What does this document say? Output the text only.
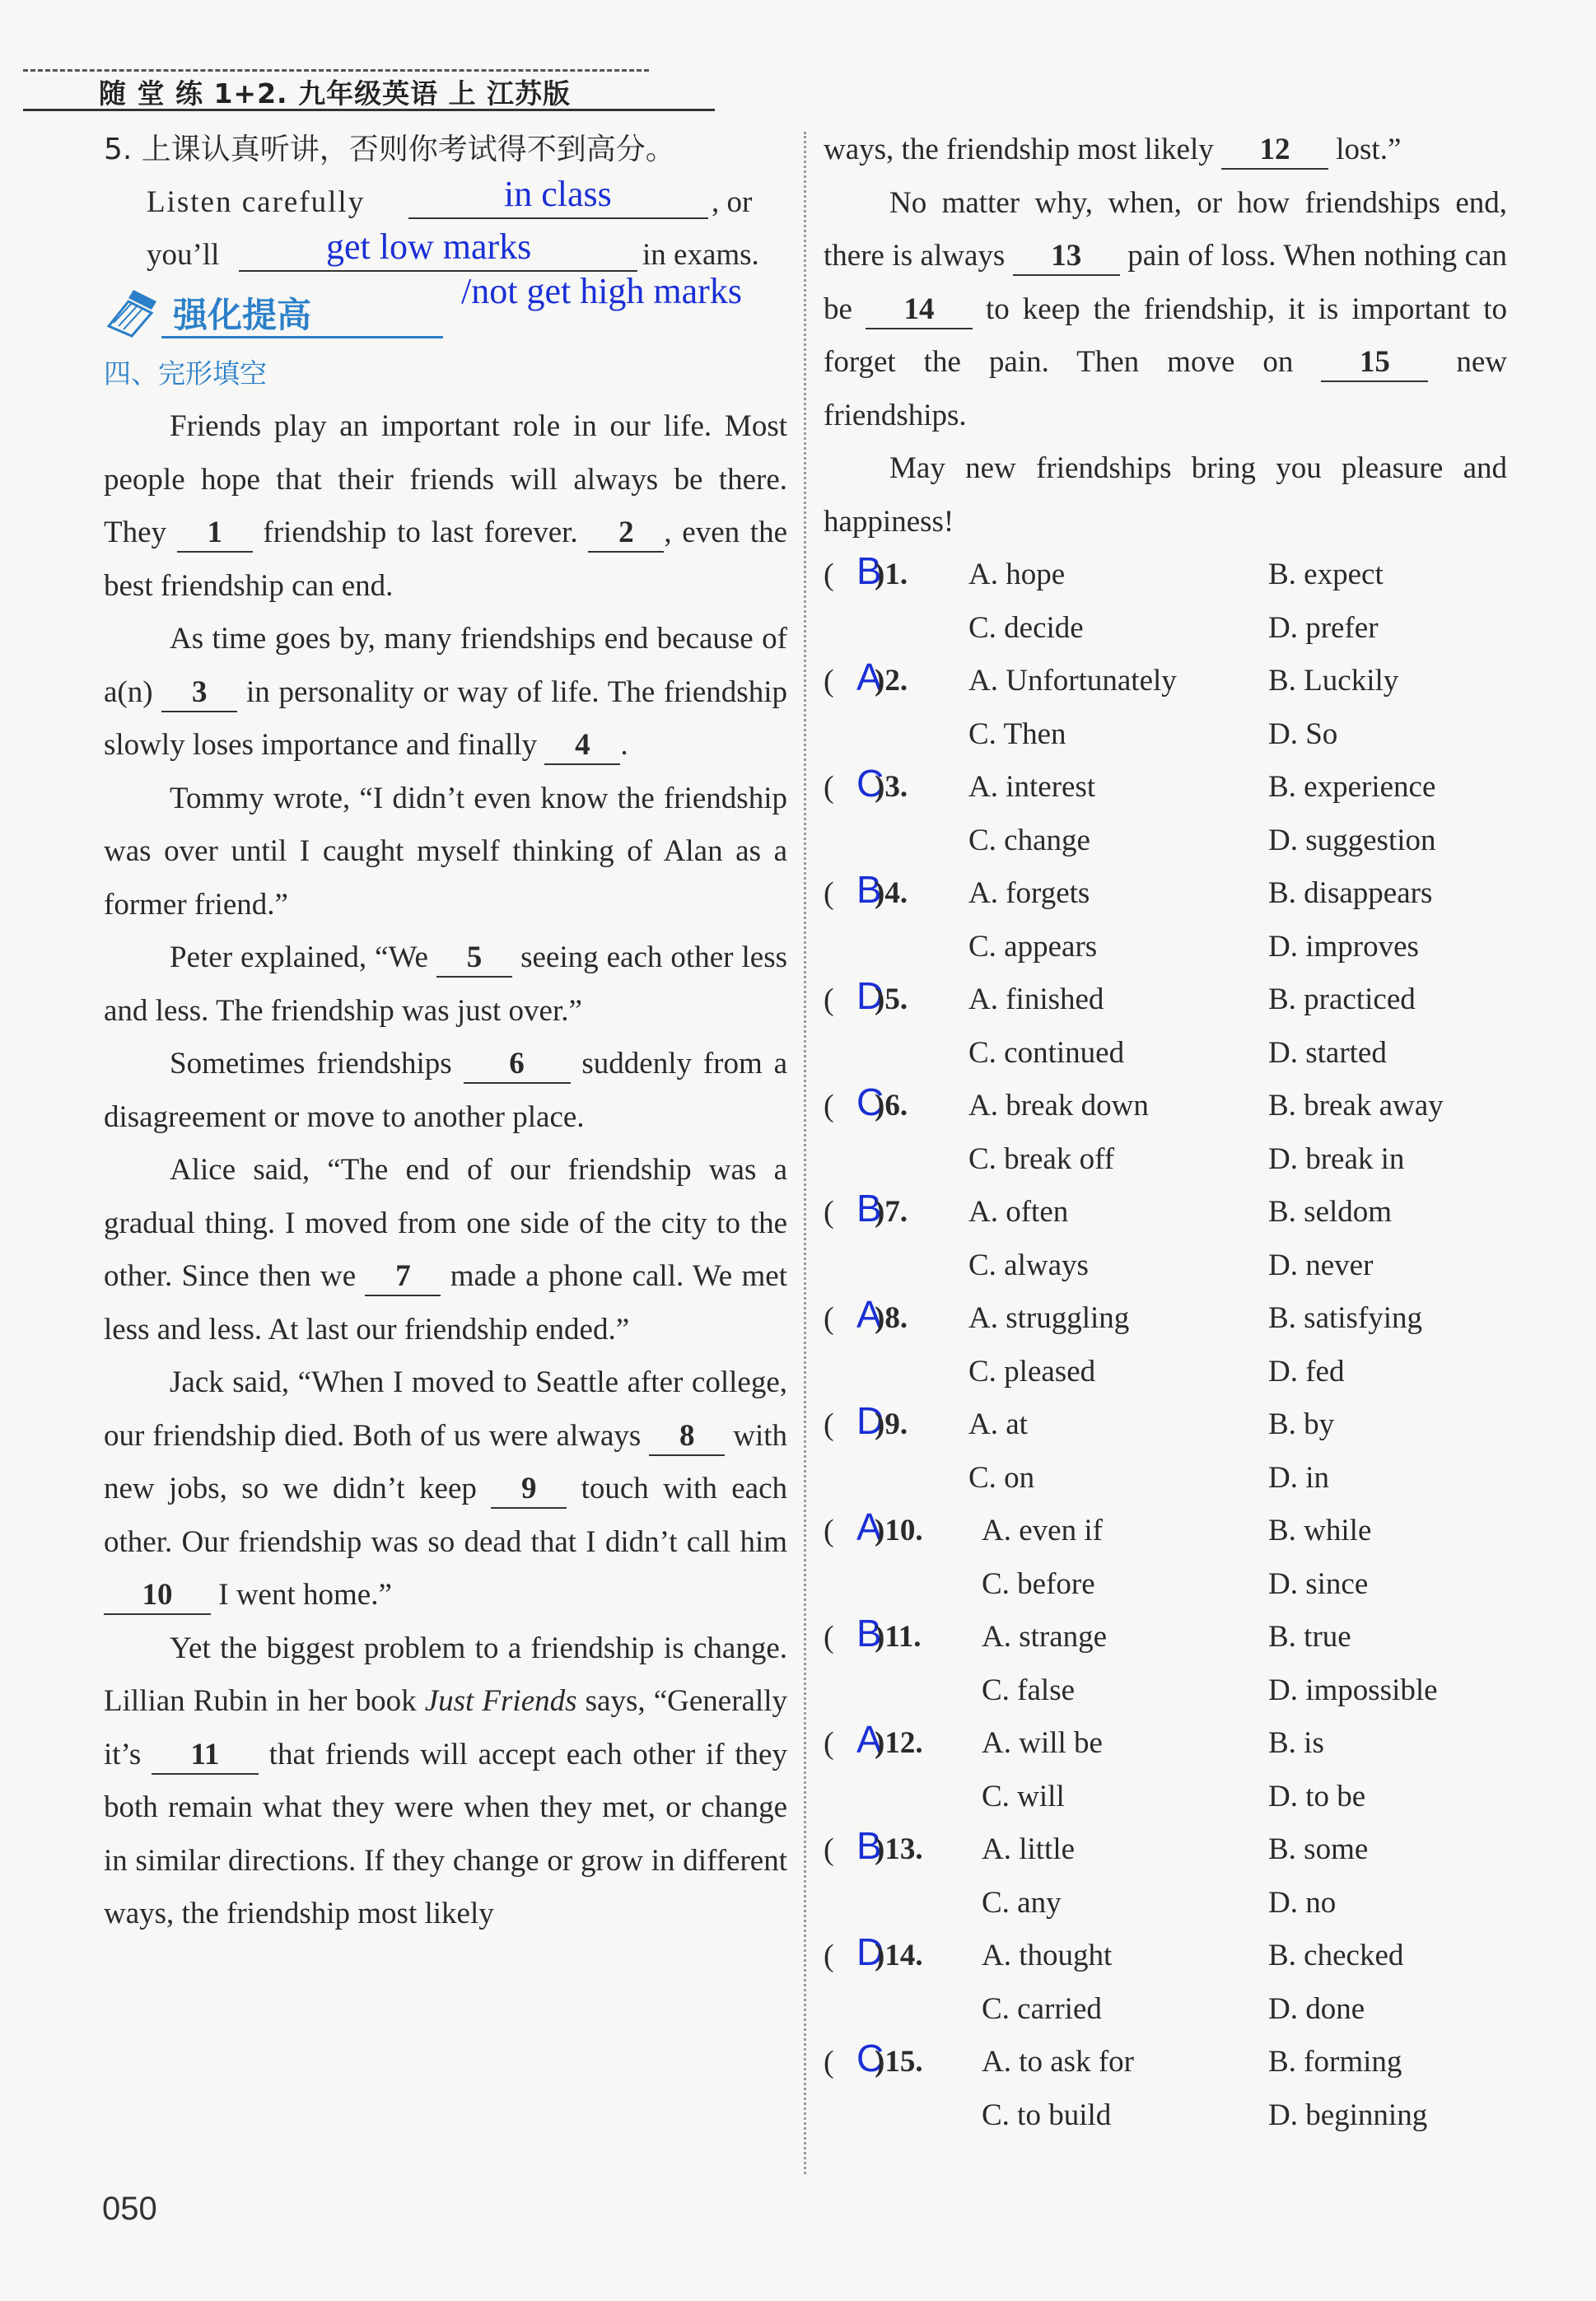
随 堂 练 1+2. 九年级英语 上 江苏版
5. 上课认真听讲，否则你考试得不到高分。
Listen carefully	in class	, or
you’ll	get low marks	in exams.
强化提高
/not get high marks
四、完形填空

Friends play an important role in our life. Most people hope that their friends will always be there. They 1 friendship to last forever. 2 , even the best friendship can end.

As time goes by, many friendships end because of a(n) 3 in personality or way of life. The friendship slowly loses importance and finally 4 .

Tommy wrote, “I didn’t even know the friendship was over until I caught myself thinking of Alan as a former friend.”

Peter explained, “We 5 seeing each other less and less. The friendship was just over.”

Sometimes friendships 6 suddenly from a disagreement or move to another place.

Alice said, “The end of our friendship was a gradual thing. I moved from one side of the city to the other. Since then we 7 made a phone call. We met less and less. At last our friendship ended.”

Jack said, “When I moved to Seattle after college, our friendship died. Both of us were always 8 with new jobs, so we didn’t keep 9 touch with each other. Our friendship was so dead that I didn’t call him 10 I went home.”

Yet the biggest problem to a friendship is change. Lillian Rubin in her book Just Friends says, “Generally it’s 11 that friends will accept each other if they both remain what they were when they met, or change in similar directions. If they change or grow in different ways, the friendship most likely

ways, the friendship most likely 12 lost.”

No matter why, when, or how friendships end, there is always 13 pain of loss. When nothing can be 14 to keep the friendship, it is important to forget the pain. Then move on 15 new friendships.

May new friendships bring you pleasure and happiness!

( B
)1. A. hope	B. expect
C. decide	D. prefer
( A
)2. A. Unfortunately	B. Luckily
C. Then	D. So
( C
)3. A. interest	B. experience
C. change	D. suggestion
( B
)4. A. forgets	B. disappears
C. appears	D. improves
( D
)5. A. finished	B. practiced
C. continued	D. started
( C
)6. A. break down	B. break away
C. break off	D. break in
( B
)7. A. often	B. seldom
C. always	D. never
( A
)8. A. struggling	B. satisfying
C. pleased	D. fed
( D
)9. A. at	B. by
C. on	D. in
( A
)10. A. even if	B. while
C. before	D. since
( B
)11. A. strange	B. true
C. false	D. impossible
( A
)12. A. will be	B. is
C. will	D. to be
( B
)13. A. little	B. some
C. any	D. no
( D
)14. A. thought	B. checked
C. carried	D. done
( C
)15. A. to ask for	B. forming
C. to build	D. beginning
050
